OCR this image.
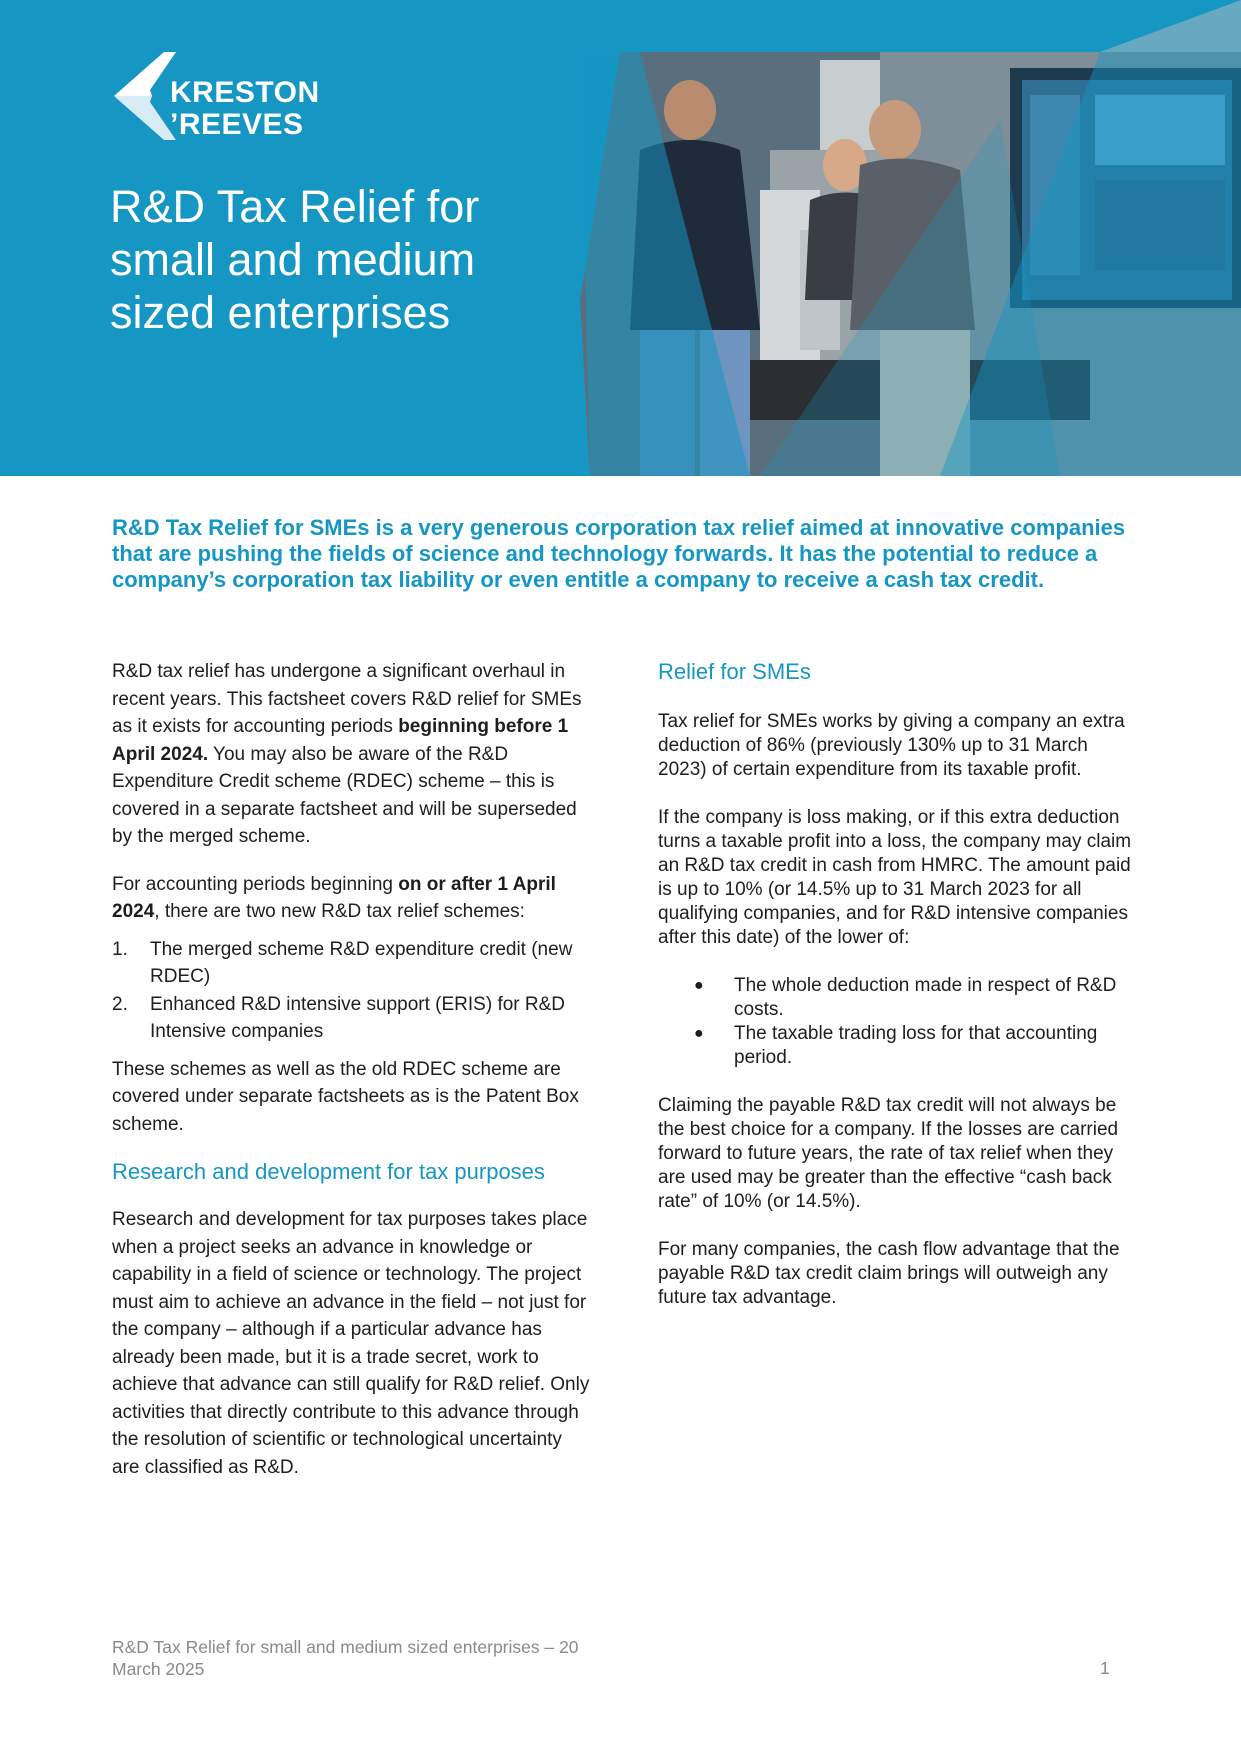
KRESTON
’REEVES
R&D Tax Relief for small and medium sized enterprises

R&D Tax Relief for SMEs is a very generous corporation tax relief aimed at innovative companies that are pushing the fields of science and technology forwards. It has the potential to reduce a company’s corporation tax liability or even entitle a company to receive a cash tax credit.

R&D tax relief has undergone a significant overhaul in recent years. This factsheet covers R&D relief for SMEs as it exists for accounting periods beginning before 1 April 2024. You may also be aware of the R&D Expenditure Credit scheme (RDEC) scheme – this is covered in a separate factsheet and will be superseded by the merged scheme.

For accounting periods beginning on or after 1 April 2024, there are two new R&D tax relief schemes:

1.	The merged scheme R&D expenditure credit (new RDEC)
2.	Enhanced R&D intensive support (ERIS) for R&D Intensive companies

These schemes as well as the old RDEC scheme are covered under separate factsheets as is the Patent Box scheme.

Research and development for tax purposes

Research and development for tax purposes takes place when a project seeks an advance in knowledge or capability in a field of science or technology. The project must aim to achieve an advance in the field – not just for the company – although if a particular advance has already been made, but it is a trade secret, work to achieve that advance can still qualify for R&D relief. Only activities that directly contribute to this advance through the resolution of scientific or technological uncertainty are classified as R&D.

Relief for SMEs

Tax relief for SMEs works by giving a company an extra deduction of 86% (previously 130% up to 31 March 2023) of certain expenditure from its taxable profit.

If the company is loss making, or if this extra deduction turns a taxable profit into a loss, the company may claim an R&D tax credit in cash from HMRC. The amount paid is up to 10% (or 14.5% up to 31 March 2023 for all qualifying companies, and for R&D intensive companies after this date) of the lower of:

●	The whole deduction made in respect of R&D costs.
●	The taxable trading loss for that accounting period.

Claiming the payable R&D tax credit will not always be the best choice for a company. If the losses are carried forward to future years, the rate of tax relief when they are used may be greater than the effective “cash back rate” of 10% (or 14.5%).

For many companies, the cash flow advantage that the payable R&D tax credit claim brings will outweigh any future tax advantage.

R&D Tax Relief for small and medium sized enterprises – 20 March 2025	1
